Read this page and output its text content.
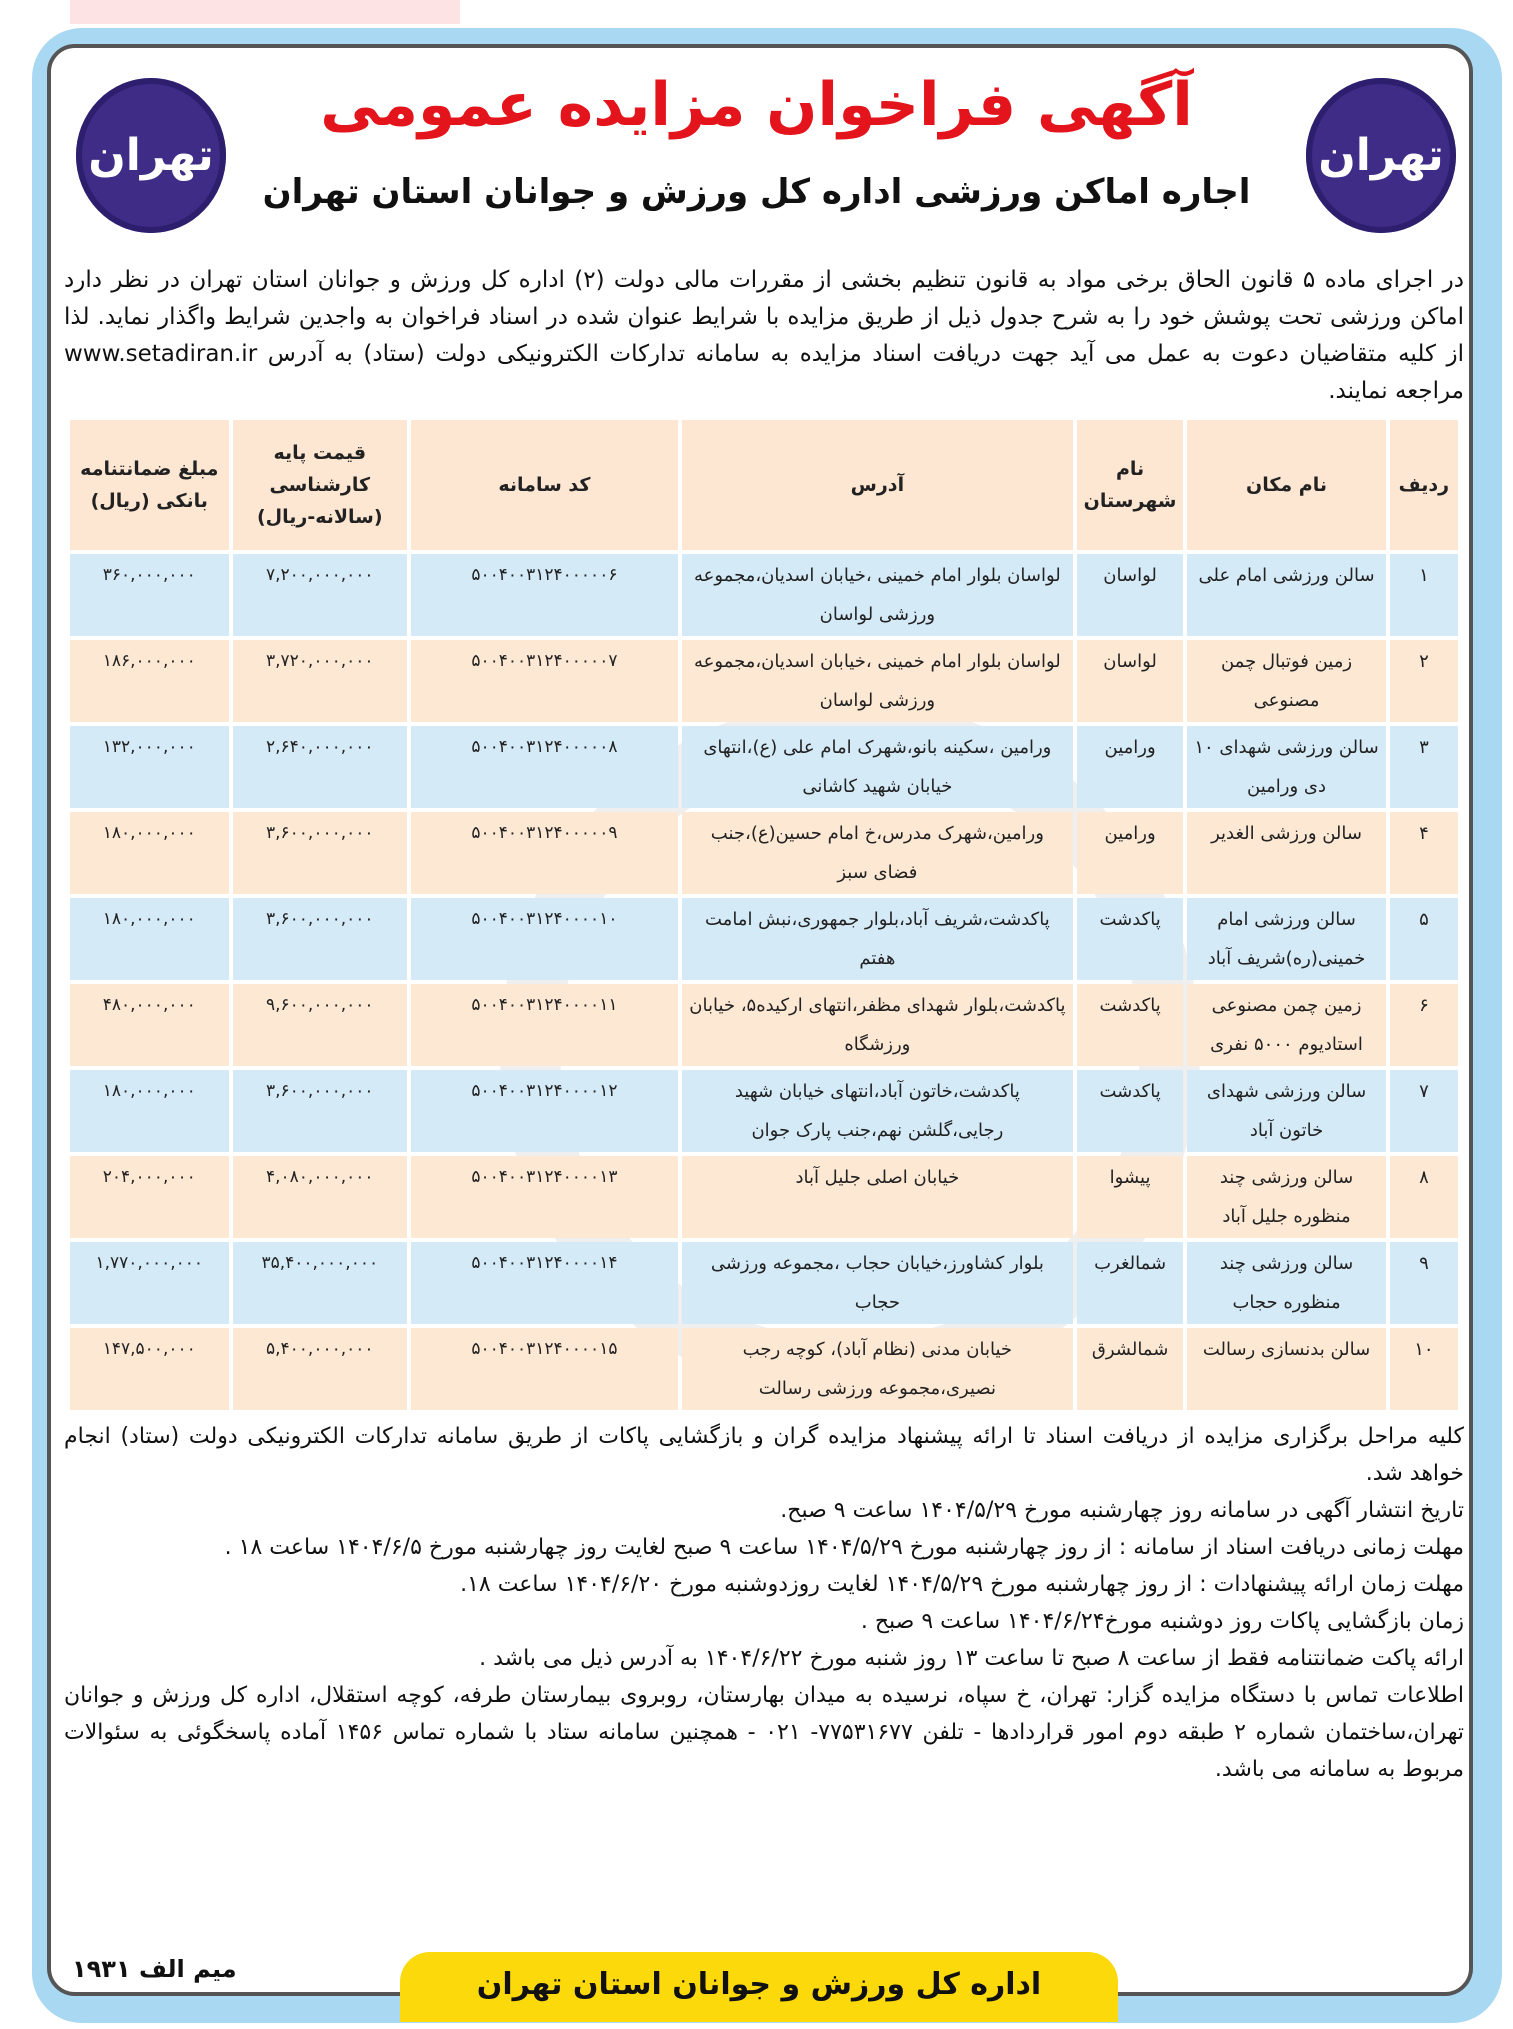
تهران	تهران
آگهی فراخوان مزایده عمومی
اجاره اماکن ورزشی اداره کل ورزش و جوانان استان تهران
در اجرای ماده ۵ قانون الحاق برخی مواد به قانون تنظیم بخشی از مقررات مالی دولت (۲) اداره کل ورزش و جوانان استان تهران در نظر دارد اماکن ورزشی تحت پوشش خود را به شرح جدول ذیل از طریق مزایده با شرایط عنوان شده در اسناد فراخوان به واجدین شرایط واگذار نماید. لذا از کلیه متقاضیان دعوت به عمل می آید جهت دریافت اسناد مزایده به سامانه تدارکات الکترونیکی دولت (ستاد) به آدرس www.setadiran.ir مراجعه نمایند.
ردیف	نام مکان	نام شهرستان	آدرس	کد سامانه	قیمت پایه کارشناسی (سالانه-ریال)	مبلغ ضمانتنامه بانکی (ریال)
۱	سالن ورزشی امام علی	لواسان	لواسان بلوار امام خمینی ،خیابان اسدیان،مجموعه ورزشی لواسان	۵۰۰۴۰۰۳۱۲۴۰۰۰۰۰۶	۷,۲۰۰,۰۰۰,۰۰۰	۳۶۰,۰۰۰,۰۰۰
۲	زمین فوتبال چمن مصنوعی	لواسان	لواسان بلوار امام خمینی ،خیابان اسدیان،مجموعه ورزشی لواسان	۵۰۰۴۰۰۳۱۲۴۰۰۰۰۰۷	۳,۷۲۰,۰۰۰,۰۰۰	۱۸۶,۰۰۰,۰۰۰
۳	سالن ورزشی شهدای ۱۰ دی ورامین	ورامین	ورامین ،سکینه بانو،شهرک امام علی (ع)،انتهای خیابان شهید کاشانی	۵۰۰۴۰۰۳۱۲۴۰۰۰۰۰۸	۲,۶۴۰,۰۰۰,۰۰۰	۱۳۲,۰۰۰,۰۰۰
۴	سالن ورزشی الغدیر	ورامین	ورامین،شهرک مدرس،خ امام حسین(ع)،جنب فضای سبز	۵۰۰۴۰۰۳۱۲۴۰۰۰۰۰۹	۳,۶۰۰,۰۰۰,۰۰۰	۱۸۰,۰۰۰,۰۰۰
۵	سالن ورزشی امام خمینی(ره)شریف آباد	پاکدشت	پاکدشت،شریف آباد،بلوار جمهوری،نبش امامت هفتم	۵۰۰۴۰۰۳۱۲۴۰۰۰۰۱۰	۳,۶۰۰,۰۰۰,۰۰۰	۱۸۰,۰۰۰,۰۰۰
۶	زمین چمن مصنوعی استادیوم ۵۰۰۰ نفری	پاکدشت	پاکدشت،بلوار شهدای مظفر،انتهای ارکیده۵، خیابان ورزشگاه	۵۰۰۴۰۰۳۱۲۴۰۰۰۰۱۱	۹,۶۰۰,۰۰۰,۰۰۰	۴۸۰,۰۰۰,۰۰۰
۷	سالن ورزشی شهدای خاتون آباد	پاکدشت	پاکدشت،خاتون آباد،انتهای خیابان شهید رجایی،گلشن نهم،جنب پارک جوان	۵۰۰۴۰۰۳۱۲۴۰۰۰۰۱۲	۳,۶۰۰,۰۰۰,۰۰۰	۱۸۰,۰۰۰,۰۰۰
۸	سالن ورزشی چند منظوره جلیل آباد	پیشوا	خیابان اصلی جلیل آباد	۵۰۰۴۰۰۳۱۲۴۰۰۰۰۱۳	۴,۰۸۰,۰۰۰,۰۰۰	۲۰۴,۰۰۰,۰۰۰
۹	سالن ورزشی چند منظوره حجاب	شمالغرب	بلوار کشاورز،خیابان حجاب ،مجموعه ورزشی حجاب	۵۰۰۴۰۰۳۱۲۴۰۰۰۰۱۴	۳۵,۴۰۰,۰۰۰,۰۰۰	۱,۷۷۰,۰۰۰,۰۰۰
۱۰	سالن بدنسازی رسالت	شمالشرق	خیابان مدنی (نظام آباد)، کوچه رجب نصیری،مجموعه ورزشی رسالت	۵۰۰۴۰۰۳۱۲۴۰۰۰۰۱۵	۵,۴۰۰,۰۰۰,۰۰۰	۱۴۷,۵۰۰,۰۰۰
کلیه مراحل برگزاری مزایده از دریافت اسناد تا ارائه پیشنهاد مزایده گران و بازگشایی پاکات از طریق سامانه تدارکات الکترونیکی دولت (ستاد) انجام خواهد شد.
تاریخ انتشار آگهی در سامانه روز چهارشنبه مورخ ۱۴۰۴/۵/۲۹ ساعت ۹ صبح.
مهلت زمانی دریافت اسناد از سامانه : از روز چهارشنبه مورخ ۱۴۰۴/۵/۲۹ ساعت ۹ صبح لغایت روز چهارشنبه مورخ ۱۴۰۴/۶/۵ ساعت ۱۸ .
مهلت زمان ارائه پیشنهادات : از روز چهارشنبه مورخ ۱۴۰۴/۵/۲۹ لغایت روزدوشنبه مورخ ۱۴۰۴/۶/۲۰ ساعت ۱۸.
زمان بازگشایی پاکات روز دوشنبه مورخ۱۴۰۴/۶/۲۴ ساعت ۹ صبح .
ارائه پاکت ضمانتنامه فقط از ساعت ۸ صبح تا ساعت ۱۳ روز شنبه مورخ ۱۴۰۴/۶/۲۲ به آدرس ذیل می باشد .
اطلاعات تماس با دستگاه مزایده گزار: تهران، خ سپاه، نرسیده به میدان بهارستان، روبروی بیمارستان طرفه، کوچه استقلال، اداره کل ورزش و جوانان تهران،ساختمان شماره ۲ طبقه دوم امور قراردادها - تلفن ۷۷۵۳۱۶۷۷- ۰۲۱ - همچنین سامانه ستاد با شماره تماس ۱۴۵۶ آماده پاسخگوئی به سئوالات مربوط به سامانه می باشد.
میم الف ۱۹۳۱	اداره کل ورزش و جوانان استان تهران
